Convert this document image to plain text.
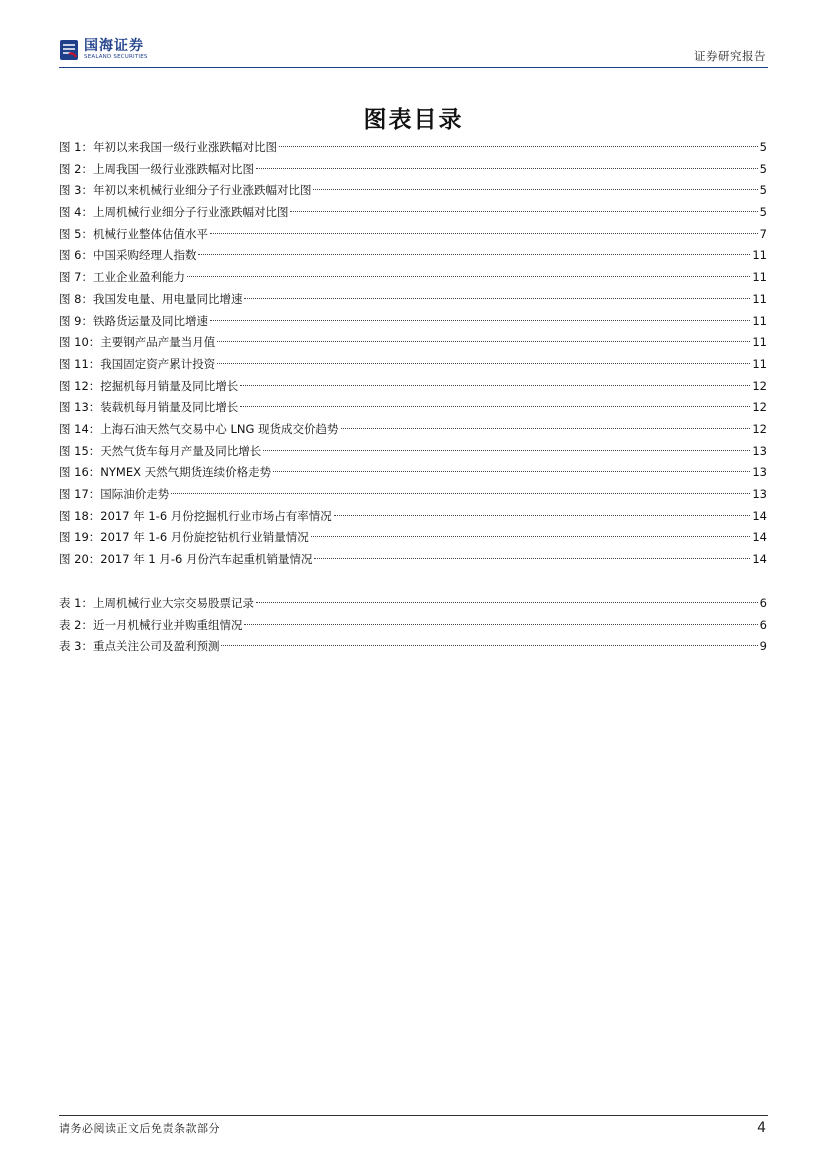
国海证券
SEALAND SECURITIES	证券研究报告
图表目录
图 1：年初以来我国一级行业涨跌幅对比图	5
图 2：上周我国一级行业涨跌幅对比图	5
图 3：年初以来机械行业细分子行业涨跌幅对比图	5
图 4：上周机械行业细分子行业涨跌幅对比图	5
图 5：机械行业整体估值水平	7
图 6：中国采购经理人指数	11
图 7：工业企业盈利能力	11
图 8：我国发电量、用电量同比增速	11
图 9：铁路货运量及同比增速	11
图 10：主要钢产品产量当月值	11
图 11：我国固定资产累计投资	11
图 12：挖掘机每月销量及同比增长	12
图 13：装载机每月销量及同比增长	12
图 14：上海石油天然气交易中心 LNG 现货成交价趋势	12
图 15：天然气货车每月产量及同比增长	13
图 16：NYMEX 天然气期货连续价格走势	13
图 17：国际油价走势	13
图 18：2017 年 1-6 月份挖掘机行业市场占有率情况	14
图 19：2017 年 1-6 月份旋挖钻机行业销量情况	14
图 20：2017 年 1 月-6 月份汽车起重机销量情况	14
表 1：上周机械行业大宗交易股票记录	6
表 2：近一月机械行业并购重组情况	6
表 3：重点关注公司及盈利预测	9
请务必阅读正文后免责条款部分	4
